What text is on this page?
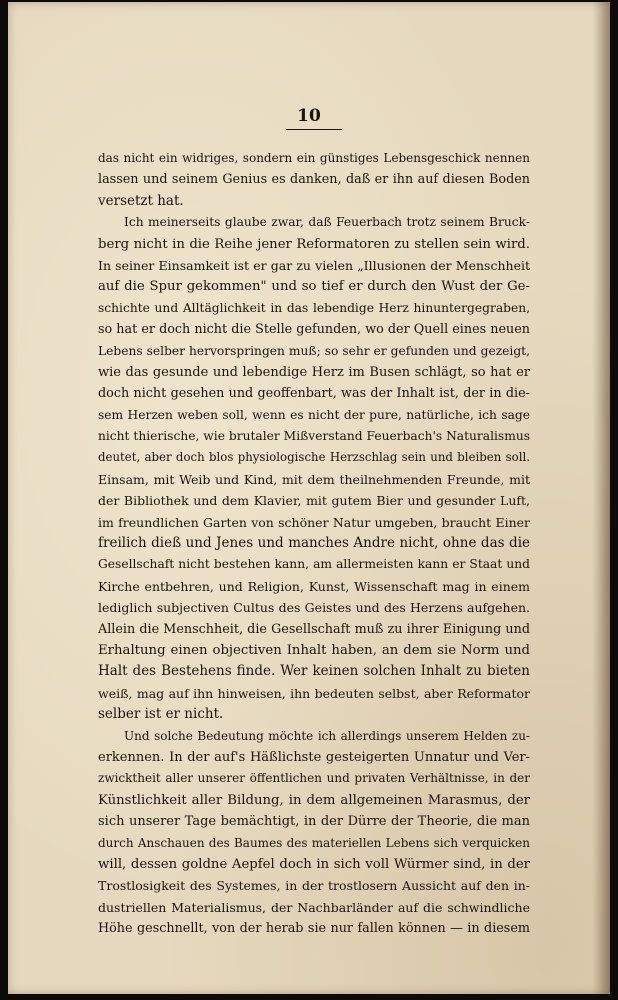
10
das nicht ein widriges, sondern ein günstiges Lebensgeschick nennen
lassen und seinem Genius es danken, daß er ihn auf diesen Boden
versetzt hat.
Ich meinerseits glaube zwar, daß Feuerbach trotz seinem Bruck-
berg nicht in die Reihe jener Reformatoren zu stellen sein wird.
In seiner Einsamkeit ist er gar zu vielen „Illusionen der Menschheit
auf die Spur gekommen" und so tief er durch den Wust der Ge-
schichte und Alltäglichkeit in das lebendige Herz hinuntergegraben,
so hat er doch nicht die Stelle gefunden, wo der Quell eines neuen
Lebens selber hervorspringen muß; so sehr er gefunden und gezeigt,
wie das gesunde und lebendige Herz im Busen schlägt, so hat er
doch nicht gesehen und geoffenbart, was der Inhalt ist, der in die-
sem Herzen weben soll, wenn es nicht der pure, natürliche, ich sage
nicht thierische, wie brutaler Mißverstand Feuerbach's Naturalismus
deutet, aber doch blos physiologische Herzschlag sein und bleiben soll.
Einsam, mit Weib und Kind, mit dem theilnehmenden Freunde, mit
der Bibliothek und dem Klavier, mit gutem Bier und gesunder Luft,
im freundlichen Garten von schöner Natur umgeben, braucht Einer
freilich dieß und Jenes und manches Andre nicht, ohne das die
Gesellschaft nicht bestehen kann, am allermeisten kann er Staat und
Kirche entbehren, und Religion, Kunst, Wissenschaft mag in einem
lediglich subjectiven Cultus des Geistes und des Herzens aufgehen.
Allein die Menschheit, die Gesellschaft muß zu ihrer Einigung und
Erhaltung einen objectiven Inhalt haben, an dem sie Norm und
Halt des Bestehens finde. Wer keinen solchen Inhalt zu bieten
weiß, mag auf ihn hinweisen, ihn bedeuten selbst, aber Reformator
selber ist er nicht.
Und solche Bedeutung möchte ich allerdings unserem Helden zu-
erkennen. In der auf's Häßlichste gesteigerten Unnatur und Ver-
zwicktheit aller unserer öffentlichen und privaten Verhältnisse, in der
Künstlichkeit aller Bildung, in dem allgemeinen Marasmus, der
sich unserer Tage bemächtigt, in der Dürre der Theorie, die man
durch Anschauen des Baumes des materiellen Lebens sich verquicken
will, dessen goldne Aepfel doch in sich voll Würmer sind, in der
Trostlosigkeit des Systemes, in der trostlosern Aussicht auf den in-
dustriellen Materialismus, der Nachbarländer auf die schwindliche
Höhe geschnellt, von der herab sie nur fallen können — in diesem
